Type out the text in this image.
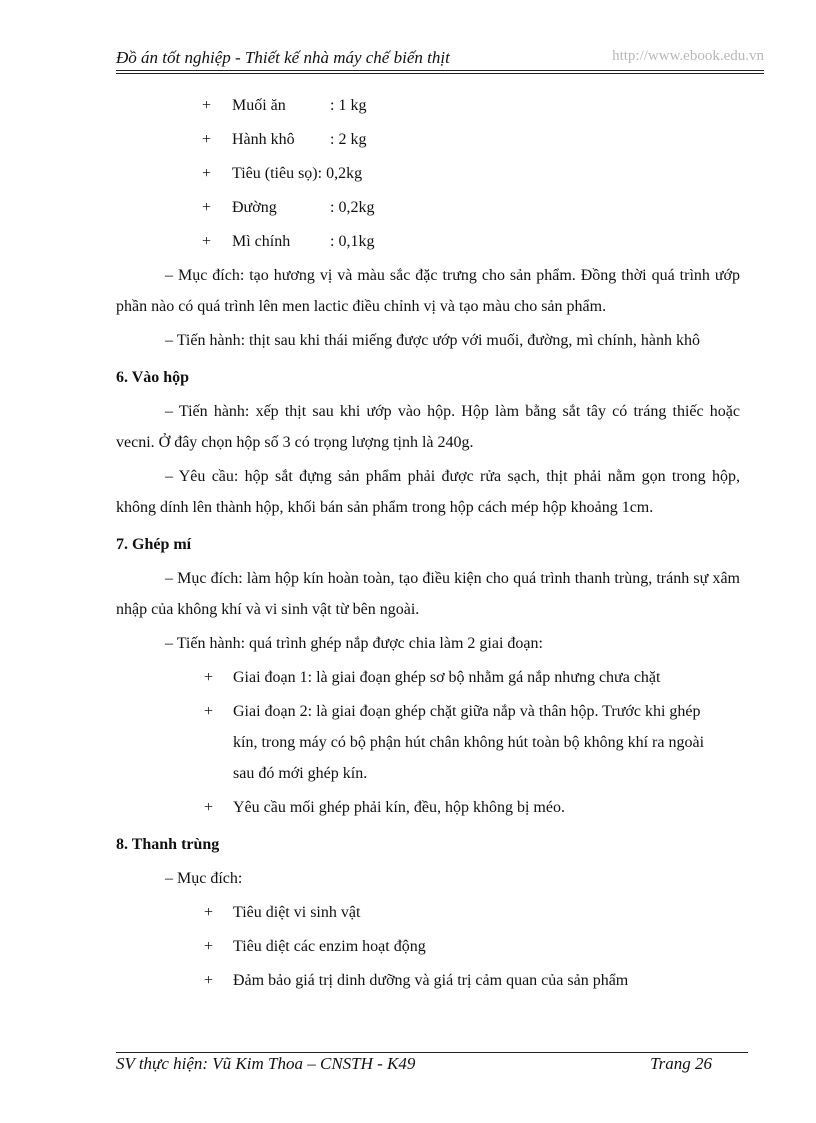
Đồ án tốt nghiệp - Thiết kế nhà máy chế biến thịt	http://www.ebook.edu.vn

+ Muối ăn	: 1 kg

+ Hành khô: 2 kg

+ Tiêu (tiêu sọ): 0,2kg

+ Đường	: 0,2kg

+ Mì chính : 0,1kg

– Mục đích: tạo hương vị và màu sắc đặc trưng cho sản phẩm. Đồng thời quá trình ướp phần nào có quá trình lên men lactic điều chỉnh vị và tạo màu cho sản phẩm.

– Tiến hành: thịt sau khi thái miếng được ướp với muối, đường, mì chính, hành khô

6. Vào hộp

– Tiến hành: xếp thịt sau khi ướp vào hộp. Hộp làm bằng sắt tây có tráng thiếc hoặc vecni. Ở đây chọn hộp số 3 có trọng lượng tịnh là 240g.

– Yêu cầu: hộp sắt đựng sản phẩm phải được rửa sạch, thịt phải nằm gọn trong hộp, không dính lên thành hộp, khối bán sản phẩm trong hộp cách mép hộp khoảng 1cm.

7. Ghép mí

– Mục đích: làm hộp kín hoàn toàn, tạo điều kiện cho quá trình thanh trùng, tránh sự xâm nhập của không khí và vi sinh vật từ bên ngoài.

– Tiến hành: quá trình ghép nắp được chia làm 2 giai đoạn:

+ Giai đoạn 1: là giai đoạn ghép sơ bộ nhằm gá nắp nhưng chưa chặt

+ Giai đoạn 2: là giai đoạn ghép chặt giữa nắp và thân hộp. Trước khi ghép kín, trong máy có bộ phận hút chân không hút toàn bộ không khí ra ngoài sau đó mới ghép kín.

+ Yêu cầu mối ghép phải kín, đều, hộp không bị méo.

8. Thanh trùng

– Mục đích:

+ Tiêu diệt vi sinh vật

+ Tiêu diệt các enzim hoạt động

+ Đảm bảo giá trị dinh dưỡng và giá trị cảm quan của sản phẩm

SV thực hiện: Vũ Kim Thoa – CNSTH - K49	Trang 26
